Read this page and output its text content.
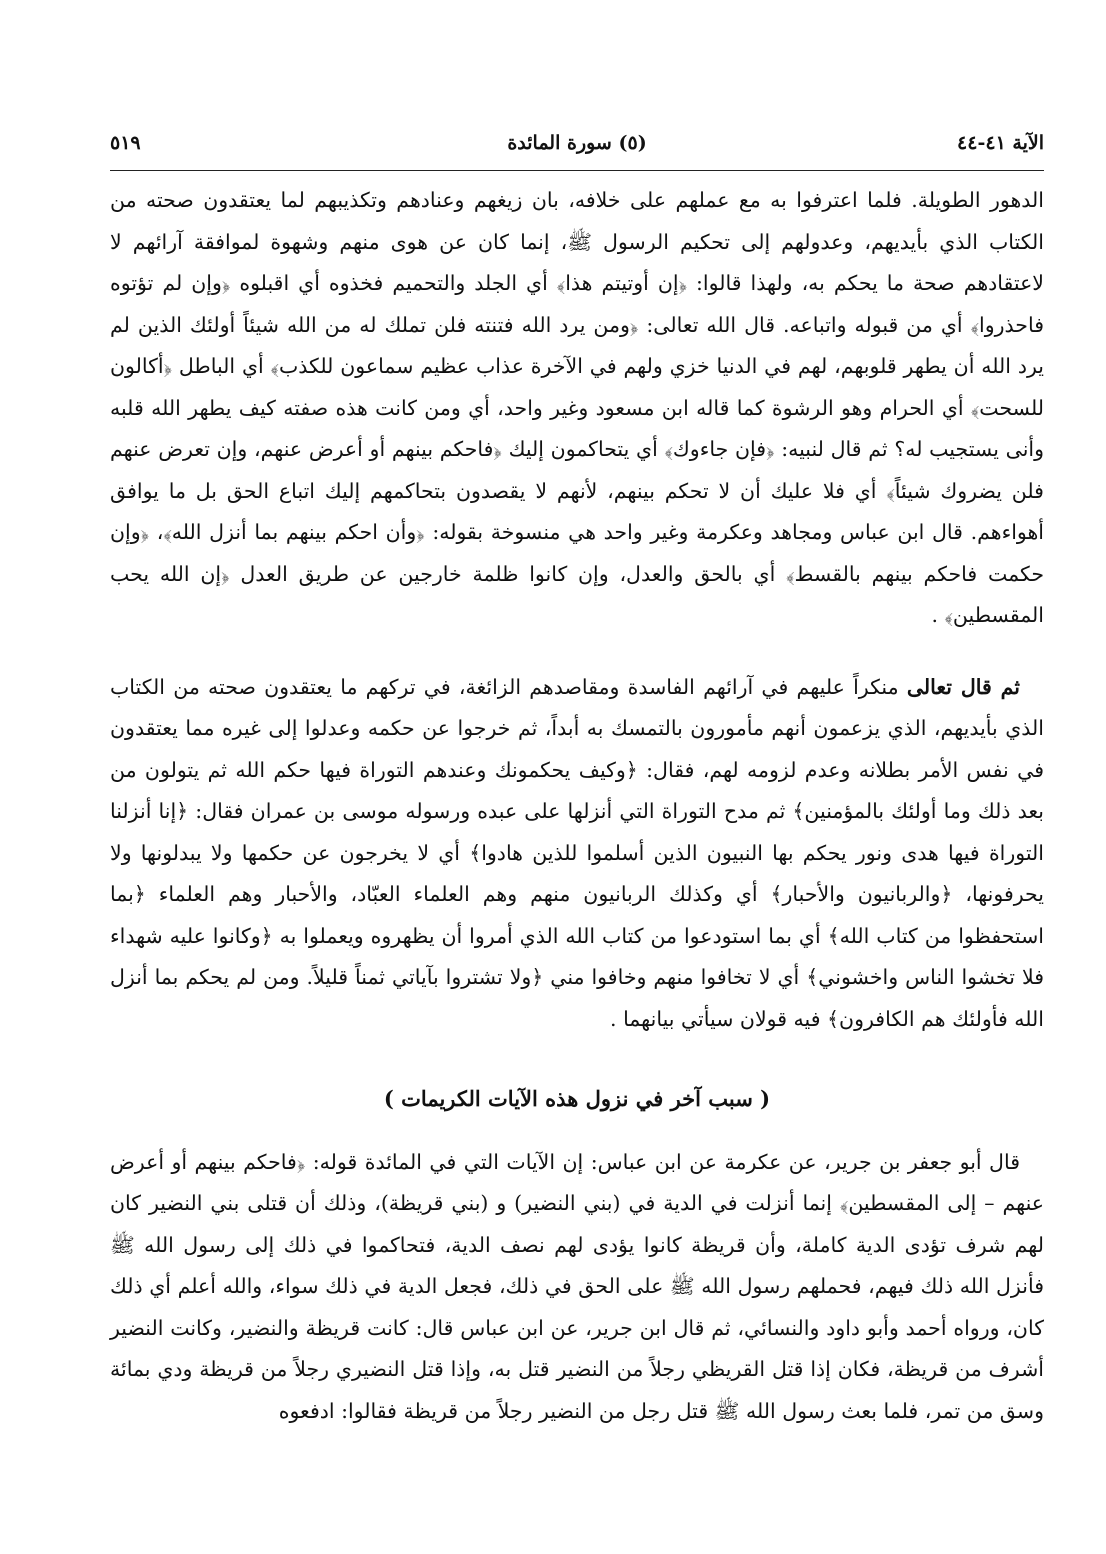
الآية ٤١-٤٤
(٥) سورة المائدة
٥١٩

الدهور الطويلة. فلما اعترفوا به مع عملهم على خلافه، بان زيغهم وعنادهم وتكذيبهم لما يعتقدون صحته من الكتاب الذي بأيديهم، وعدولهم إلى تحكيم الرسول ﷺ، إنما كان عن هوى منهم وشهوة لموافقة آرائهم لا لاعتقادهم صحة ما يحكم به، ولهذا قالوا: ﴿إن أوتيتم هذا﴾ أي الجلد والتحميم فخذوه أي اقبلوه ﴿وإن لم تؤتوه فاحذروا﴾ أي من قبوله واتباعه. قال الله تعالى: ﴿ومن يرد الله فتنته فلن تملك له من الله شيئاً أولئك الذين لم يرد الله أن يطهر قلوبهم، لهم في الدنيا خزي ولهم في الآخرة عذاب عظيم سماعون للكذب﴾ أي الباطل ﴿أكالون للسحت﴾ أي الحرام وهو الرشوة كما قاله ابن مسعود وغير واحد، أي ومن كانت هذه صفته كيف يطهر الله قلبه وأنى يستجيب له؟ ثم قال لنبيه: ﴿فإن جاءوك﴾ أي يتحاكمون إليك ﴿فاحكم بينهم أو أعرض عنهم، وإن تعرض عنهم فلن يضروك شيئاً﴾ أي فلا عليك أن لا تحكم بينهم، لأنهم لا يقصدون بتحاكمهم إليك اتباع الحق بل ما يوافق أهواءهم. قال ابن عباس ومجاهد وعكرمة وغير واحد هي منسوخة بقوله: ﴿وأن احكم بينهم بما أنزل الله﴾، ﴿وإن حكمت فاحكم بينهم بالقسط﴾ أي بالحق والعدل، وإن كانوا ظلمة خارجين عن طريق العدل ﴿إن الله يحب المقسطين﴾ .

ثم قال تعالى منكراً عليهم في آرائهم الفاسدة ومقاصدهم الزائغة، في تركهم ما يعتقدون صحته من الكتاب الذي بأيديهم، الذي يزعمون أنهم مأمورون بالتمسك به أبداً، ثم خرجوا عن حكمه وعدلوا إلى غيره مما يعتقدون في نفس الأمر بطلانه وعدم لزومه لهم، فقال: ﴿وكيف يحكمونك وعندهم التوراة فيها حكم الله ثم يتولون من بعد ذلك وما أولئك بالمؤمنين﴾ ثم مدح التوراة التي أنزلها على عبده ورسوله موسى بن عمران فقال: ﴿إنا أنزلنا التوراة فيها هدى ونور يحكم بها النبيون الذين أسلموا للذين هادوا﴾ أي لا يخرجون عن حكمها ولا يبدلونها ولا يحرفونها، ﴿والربانيون والأحبار﴾ أي وكذلك الربانيون منهم وهم العلماء العبّاد، والأحبار وهم العلماء ﴿بما استحفظوا من كتاب الله﴾ أي بما استودعوا من كتاب الله الذي أمروا أن يظهروه ويعملوا به ﴿وكانوا عليه شهداء فلا تخشوا الناس واخشوني﴾ أي لا تخافوا منهم وخافوا مني ﴿ولا تشتروا بآياتي ثمناً قليلاً. ومن لم يحكم بما أنزل الله فأولئك هم الكافرون﴾ فيه قولان سيأتي بيانهما .

( سبب آخر في نزول هذه الآيات الكريمات )

قال أبو جعفر بن جرير، عن عكرمة عن ابن عباس: إن الآيات التي في المائدة قوله: ﴿فاحكم بينهم أو أعرض عنهم – إلى المقسطين﴾ إنما أنزلت في الدية في (بني النضير) و (بني قريظة)، وذلك أن قتلى بني النضير كان لهم شرف تؤدى الدية كاملة، وأن قريظة كانوا يؤدى لهم نصف الدية، فتحاكموا في ذلك إلى رسول الله ﷺ فأنزل الله ذلك فيهم، فحملهم رسول الله ﷺ على الحق في ذلك، فجعل الدية في ذلك سواء، والله أعلم أي ذلك كان، ورواه أحمد وأبو داود والنسائي، ثم قال ابن جرير، عن ابن عباس قال: كانت قريظة والنضير، وكانت النضير أشرف من قريظة، فكان إذا قتل القريظي رجلاً من النضير قتل به، وإذا قتل النضيري رجلاً من قريظة ودي بمائة وسق من تمر، فلما بعث رسول الله ﷺ قتل رجل من النضير رجلاً من قريظة فقالوا: ادفعوه
